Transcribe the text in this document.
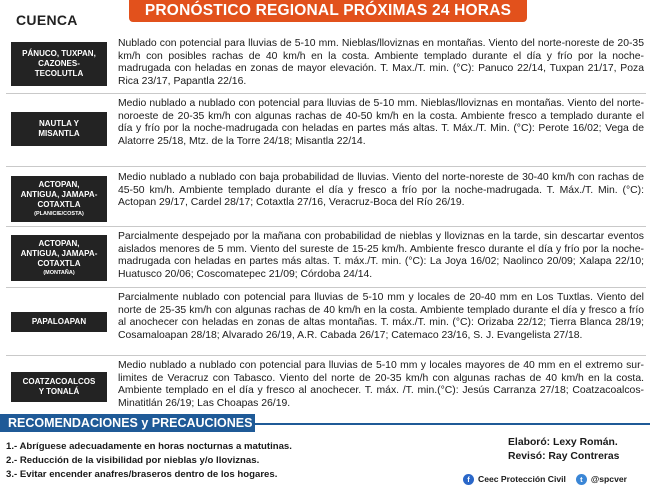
CUENCA
PRONÓSTICO REGIONAL PRÓXIMAS 24 HORAS
PÁNUCO, TUXPAN,
CAZONES-
TECOLUTLA
Nublado con potencial para lluvias de 5-10 mm. Nieblas/lloviznas en montañas. Viento del norte-noreste de 20-35 km/h con posibles rachas de 40 km/h en la costa. Ambiente templado durante el día y frío por la noche-madrugada con heladas en zonas de mayor elevación. T. Max./T. min. (°C): Panuco 22/14, Tuxpan 21/17, Poza Rica 23/17, Papantla 22/16.
NAUTLA Y
MISANTLA
Medio nublado a nublado con potencial para lluvias de 5-10 mm. Nieblas/lloviznas en montañas. Viento del norte-noroeste de 20-35 km/h con algunas rachas de 40-50 km/h en la costa. Ambiente fresco a templado durante el día y frío por la noche-madrugada con heladas en partes más altas. T. Máx./T. Min. (°C): Perote 16/02; Vega de Alatorre 25/18, Mtz. de la Torre 24/18; Misantla 22/14.
ACTOPAN,
ANTIGUA, JAMAPA-
COTAXTLA
(PLANICIE/COSTA)
Medio nublado a nublado con baja probabilidad de lluvias. Viento del norte-noreste de 30-40 km/h con rachas de 45-50 km/h. Ambiente templado durante el día y fresco a frío por la noche-madrugada. T. Máx./T. Min. (°C): Actopan 29/17, Cardel 28/17; Cotaxtla 27/16, Veracruz-Boca del Río 26/19.
ACTOPAN,
ANTIGUA, JAMAPA-
COTAXTLA
(MONTAÑA)
Parcialmente despejado por la mañana con probabilidad de nieblas y lloviznas en la tarde, sin descartar eventos aislados menores de 5 mm. Viento del sureste de 15-25 km/h. Ambiente fresco durante el día y frío por la noche-madrugada con heladas en partes más altas. T. máx./T. min. (°C): La Joya 16/02; Naolinco 20/09; Xalapa 22/10; Huatusco 20/06; Coscomatepec 21/09; Córdoba 24/14.
PAPALOAPAN
Parcialmente nublado con potencial para lluvias de 5-10 mm y locales de 20-40 mm en Los Tuxtlas. Viento del norte de 25-35 km/h con algunas rachas de 40 km/h en la costa. Ambiente templado durante el día y fresco a frío al anochecer con heladas en zonas de altas montañas. T. máx./T. min. (°C): Orizaba 22/12; Tierra Blanca 28/19; Cosamaloapan 28/18; Alvarado 26/19, A.R. Cabada 26/17; Catemaco 23/16, S. J. Evangelista 27/18.
COATZACOALCOS
Y TONALÁ
Medio nublado a nublado con potencial para lluvias de 5-10 mm y locales mayores de 40 mm en el extremo sur-limites de Veracruz con Tabasco. Viento del norte de 20-35 km/h con algunas rachas de 40 km/h en la costa. Ambiente templado en el día y fresco al anochecer. T. máx. /T. min.(°C): Jesús Carranza 27/18; Coatzacoalcos-Minatitlán 26/19; Las Choapas 26/19.
RECOMENDACIONES y PRECAUCIONES
1.- Abríguese adecuadamente en horas nocturnas a matutinas.
2.- Reducción de la visibilidad por nieblas y/o lloviznas.
3.- Evitar encender anafres/braseros dentro de los hogares.
Elaboró: Lexy Román.
Revisó: Ray Contreras
f Ceec Protección Civil	t @spcver
